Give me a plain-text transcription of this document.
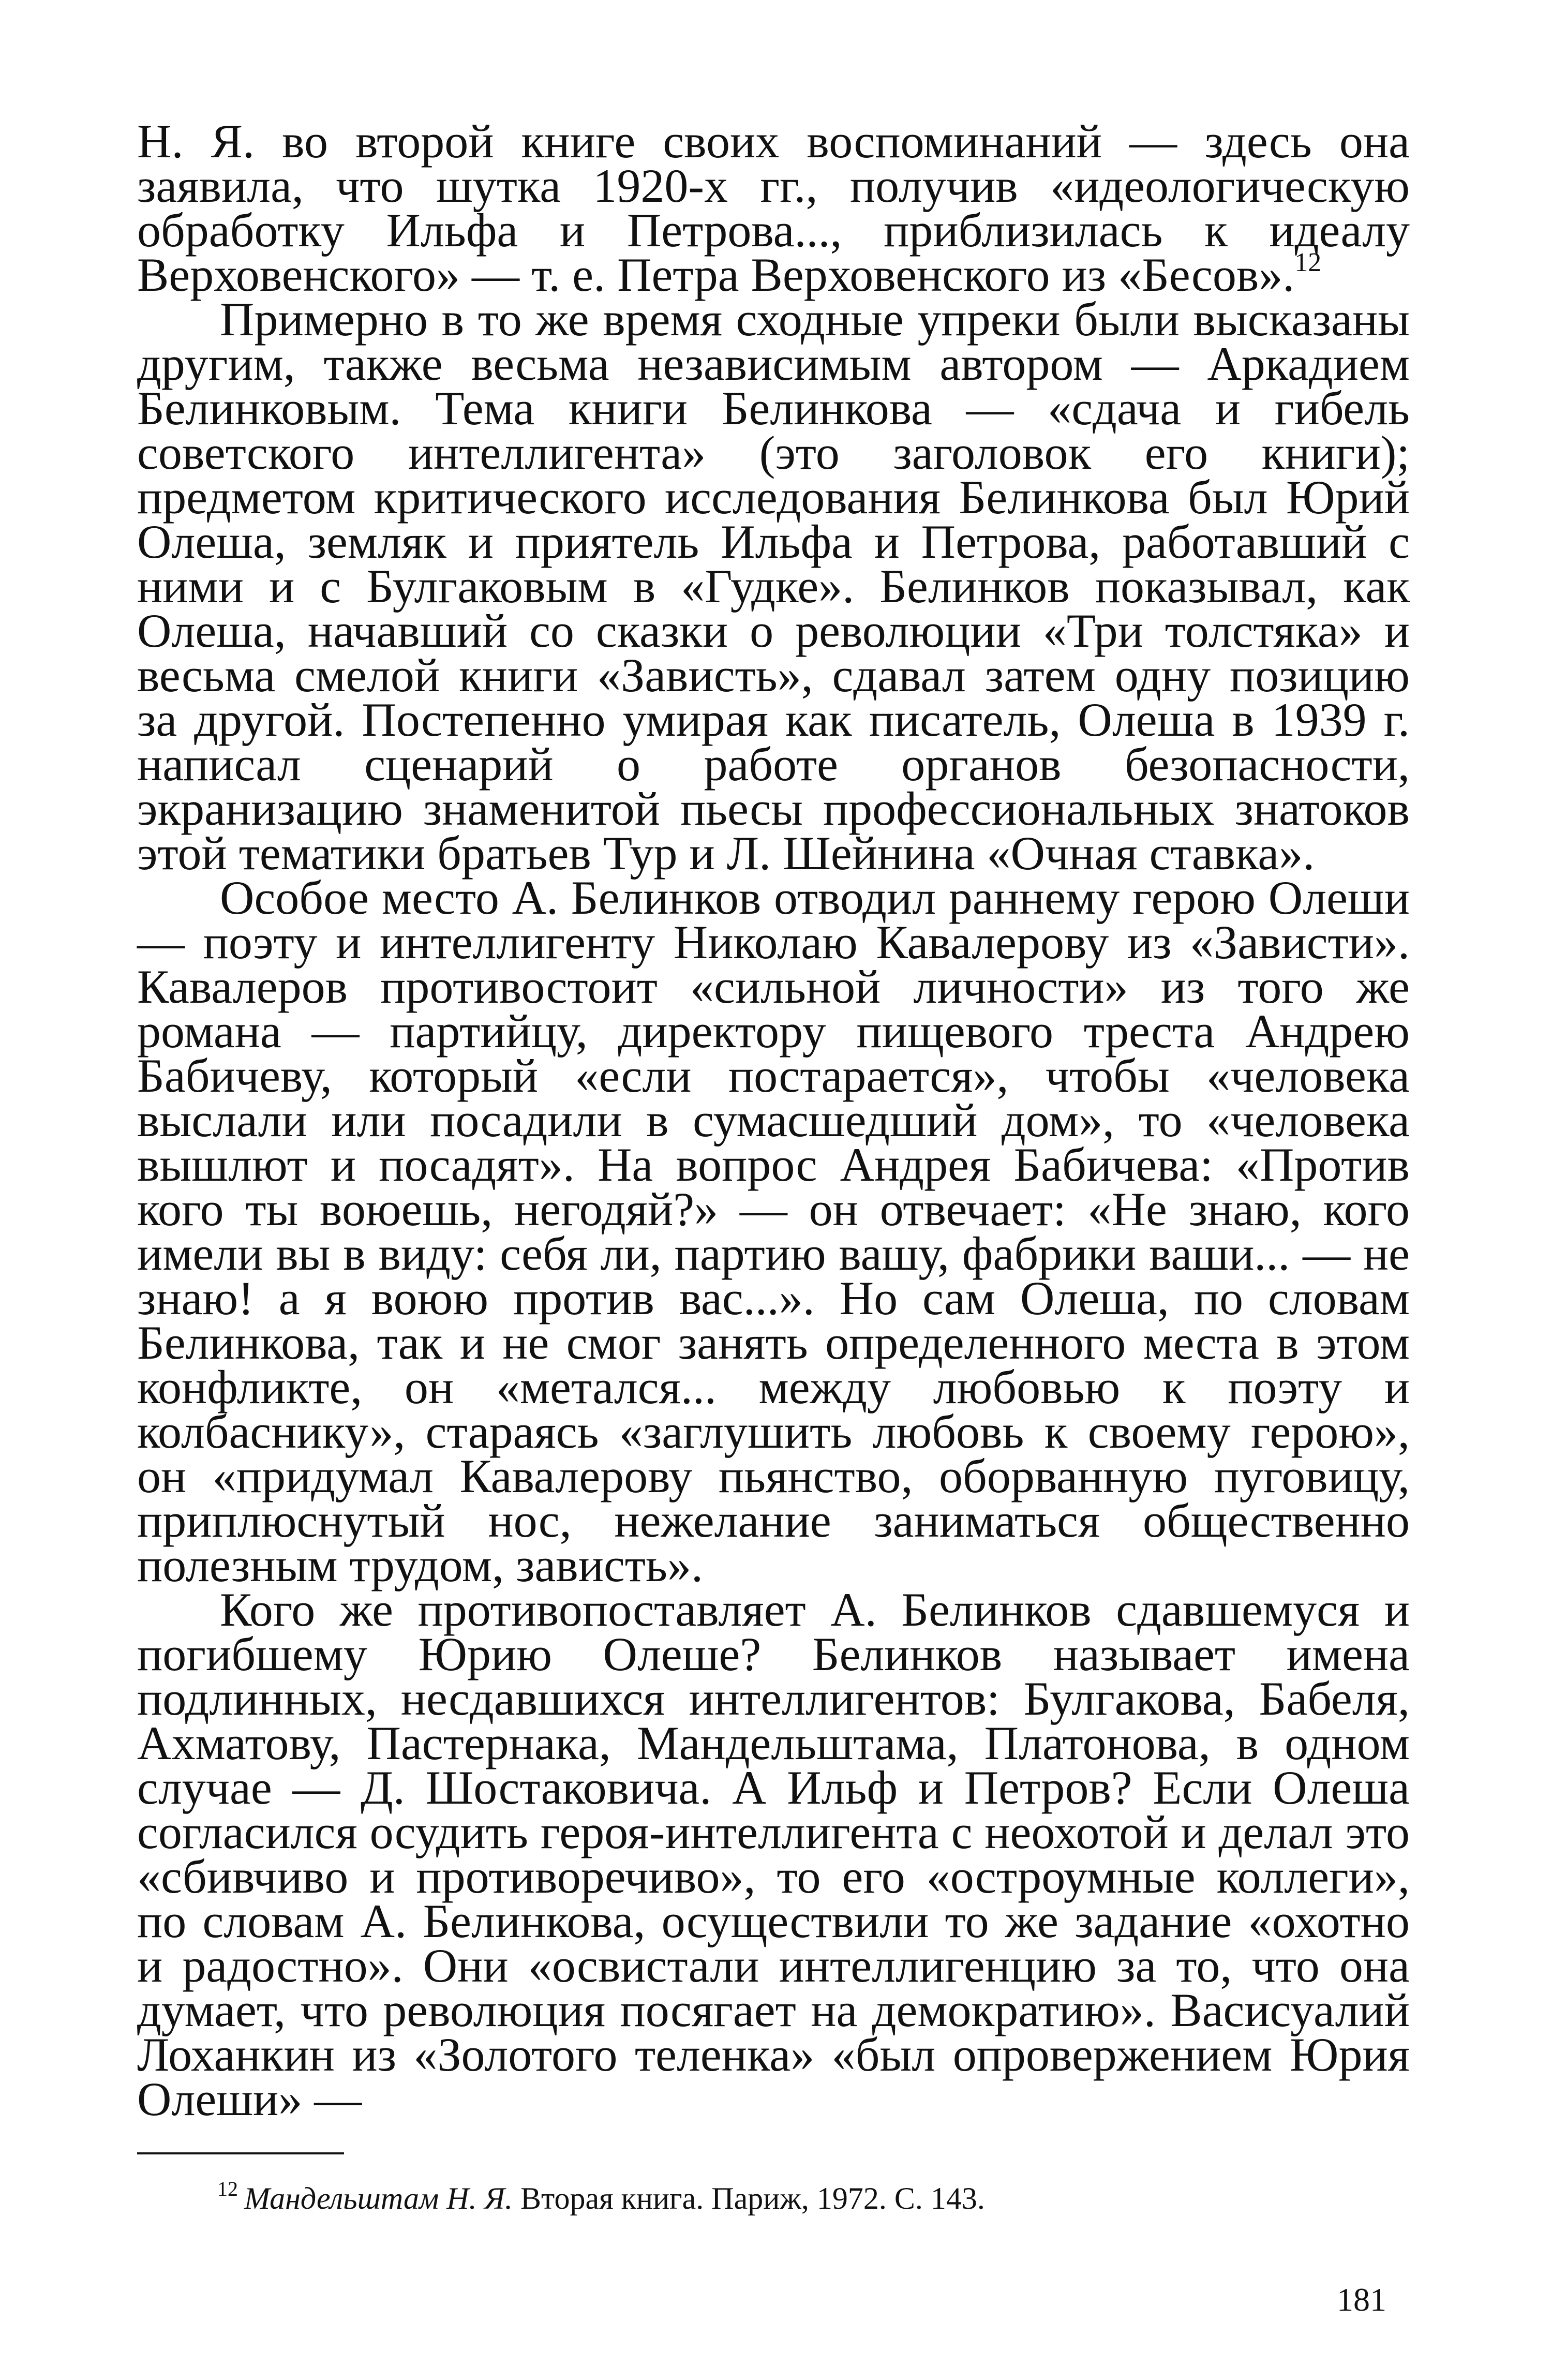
Н. Я. во второй книге своих воспоминаний — здесь она заявила, что шутка 1920-х гг., получив «идеологическую обработку Ильфа и Петрова..., приблизилась к идеалу Верховенского» — т. е. Петра Верховенского из «Бесов».$^{12}$

Примерно в то же время сходные упреки были высказаны другим, также весьма независимым автором — Аркадием Белинковым. Тема книги Белинкова — «сдача и гибель советского интеллигента» (это заголовок его книги); предметом критического исследования Белинкова был Юрий Олеша, земляк и приятель Ильфа и Петрова, работавший с ними и с Булгаковым в «Гудке». Белинков показывал, как Олеша, начавший со сказки о революции «Три толстяка» и весьма смелой книги «Зависть», сдавал затем одну позицию за другой. Постепенно умирая как писатель, Олеша в 1939 г. написал сценарий о работе органов безопасности, экранизацию знаменитой пьесы профессиональных знатоков этой тематики братьев Тур и Л. Шейнина «Очная ставка».

Особое место А. Белинков отводил раннему герою Олеши — поэту и интеллигенту Николаю Кавалерову из «Зависти». Кавалеров противостоит «сильной личности» из того же романа — партийцу, директору пищевого треста Андрею Бабичеву, который «если постарается», чтобы «человека выслали или посадили в сумасшедший дом», то «человека вышлют и посадят». На вопрос Андрея Бабичева: «Против кого ты воюешь, негодяй?» — он отвечает: «Не знаю, кого имели вы в виду: себя ли, партию вашу, фабрики ваши... — не знаю! а я воюю против вас...». Но сам Олеша, по словам Белинкова, так и не смог занять определенного места в этом конфликте, он «метался... между любовью к поэту и колбаснику», стараясь «заглушить любовь к своему герою», он «придумал Кавалерову пьянство, оборванную пуговицу, приплюснутый нос, нежелание заниматься общественно полезным трудом, зависть».

Кого же противопоставляет А. Белинков сдавшемуся и погибшему Юрию Олеше? Белинков называет имена подлинных, несдавшихся интеллигентов: Булгакова, Бабеля, Ахматову, Пастернака, Мандельштама, Платонова, в одном случае — Д. Шостаковича. А Ильф и Петров? Если Олеша согласился осудить героя-интеллигента с неохотой и делал это «сбивчиво и противоречиво», то его «остроумные коллеги», по словам А. Белинкова, осуществили то же задание «охотно и радостно». Они «освистали интеллигенцию за то, что она думает, что революция посягает на демократию». Васисуалий Лоханкин из «Золотого теленка» «был опровержением Юрия Олеши» —

$^{12}$ Мандельштам Н. Я. Вторая книга. Париж, 1972. С. 143.
181
